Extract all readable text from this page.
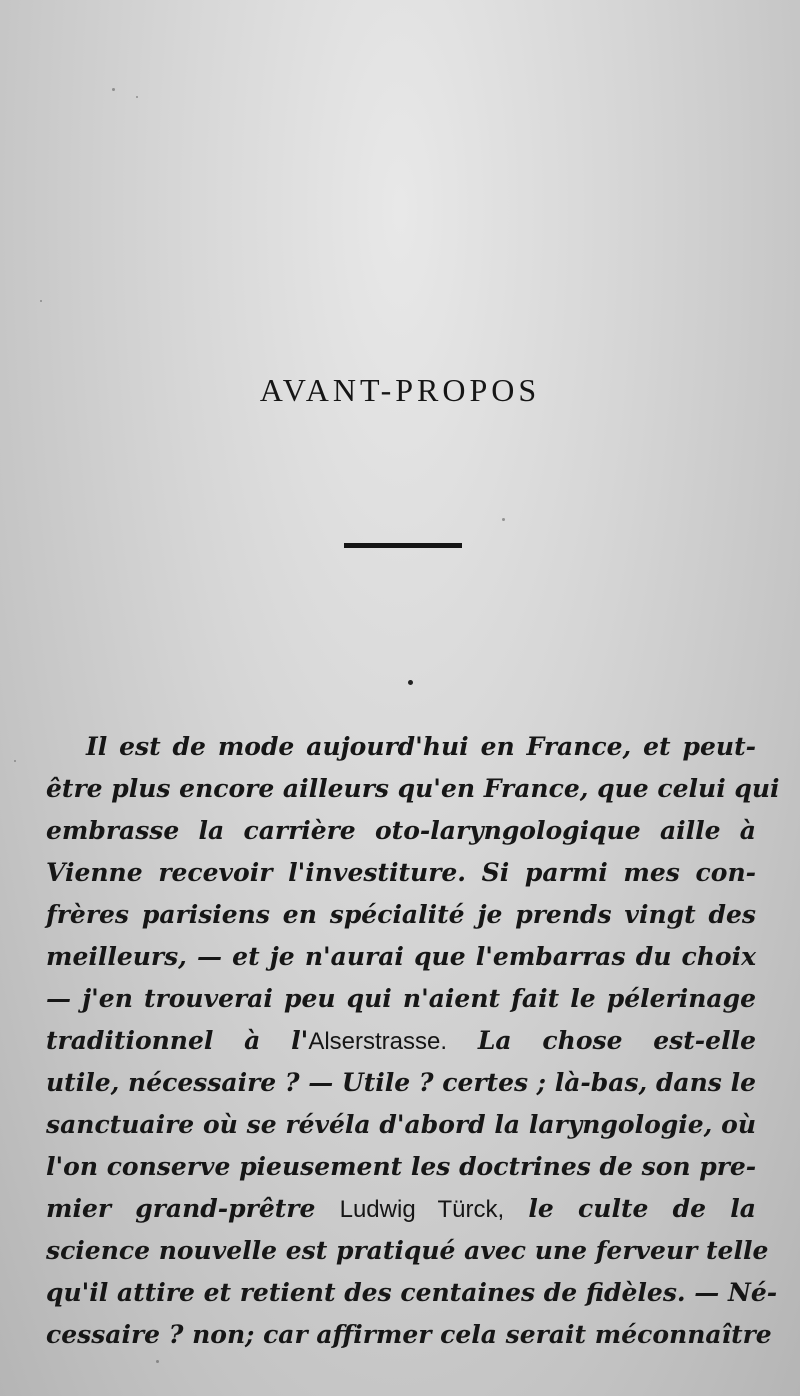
AVANT-PROPOS
Il est de mode aujourd'hui en France, et peut-
être plus encore ailleurs qu'en France, que celui qui
embrasse la carrière oto-laryngologique aille à
Vienne recevoir l'investiture. Si parmi mes con-
frères parisiens en spécialité je prends vingt des
meilleurs, — et je n'aurai que l'embarras du choix
— j'en trouverai peu qui n'aient fait le pélerinage
traditionnel à l'Alserstrasse. La chose est-elle
utile, nécessaire ? — Utile ? certes ; là-bas, dans le
sanctuaire où se révéla d'abord la laryngologie, où
l'on conserve pieusement les doctrines de son pre-
mier grand-prêtre Ludwig Türck, le culte de la
science nouvelle est pratiqué avec une ferveur telle
qu'il attire et retient des centaines de fidèles. — Né-
cessaire ? non; car affirmer cela serait méconnaître
